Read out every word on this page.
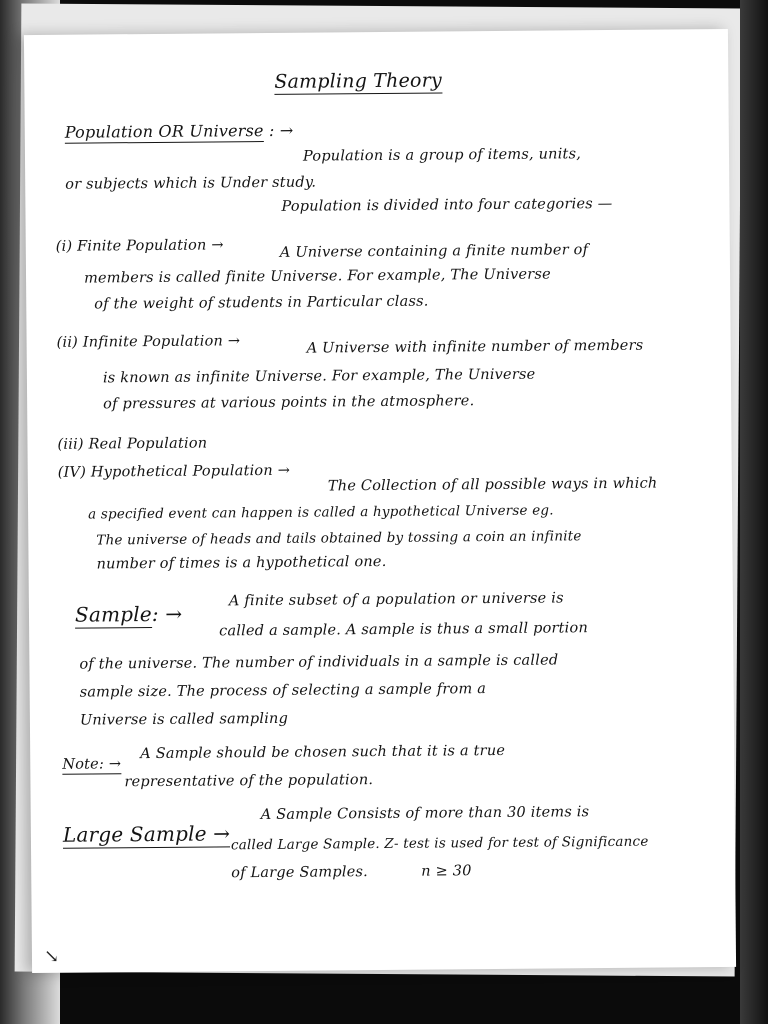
Sampling Theory
Population OR Universe : →
Population is a group of items, units,
or subjects which is Under study.
Population is divided into four categories —
(i) Finite Population →	A Universe containing a finite number of
members is called finite Universe. For example, The Universe
of the weight of students in Particular class.
(ii) Infinite Population →	A Universe with infinite number of members
is known as infinite Universe. For example, The Universe
of pressures at various points in the atmosphere.
(iii) Real Population
(IV) Hypothetical Population →
The Collection of all possible ways in which
a specified event can happen is called a hypothetical Universe eg.
The universe of heads and tails obtained by tossing a coin an infinite
number of times is a hypothetical one.
Sample: →
A finite subset of a population or universe is
called a sample. A sample is thus a small portion
of the universe. The number of individuals in a sample is called
sample size. The process of selecting a sample from a
Universe is called sampling
Note: →
A Sample should be chosen such that it is a true
representative of the population.
Large Sample →
A Sample Consists of more than 30 items is
called Large Sample. Z- test is used for test of Significance
of Large Samples.	n ≥ 30
↘
